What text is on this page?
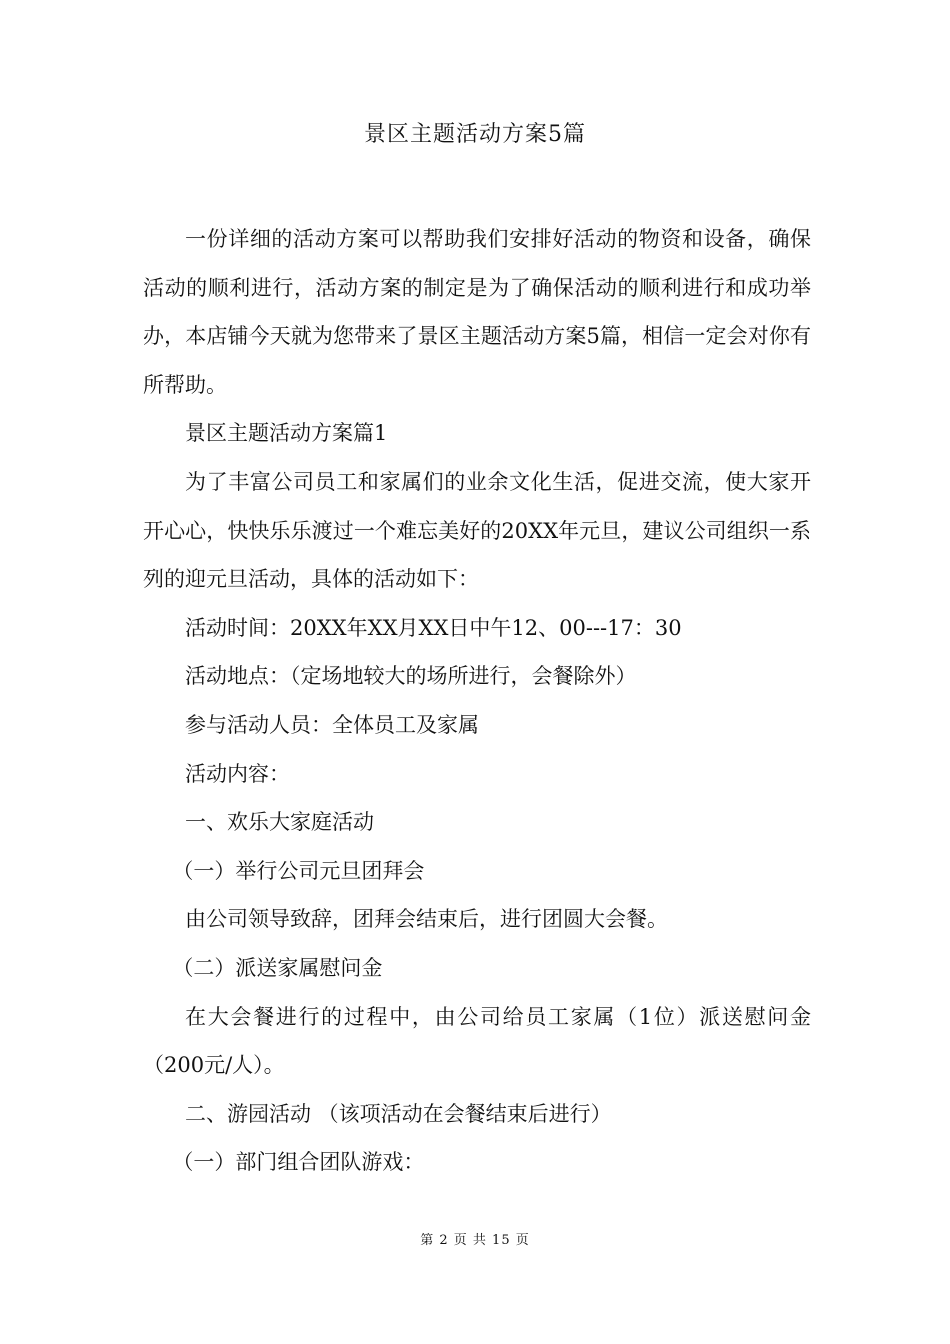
景区主题活动方案5篇

一份详细的活动方案可以帮助我们安排好活动的物资和设备，确保活动的顺利进行，活动方案的制定是为了确保活动的顺利进行和成功举办，本店铺今天就为您带来了景区主题活动方案5篇，相信一定会对你有所帮助。

景区主题活动方案篇1

为了丰富公司员工和家属们的业余文化生活，促进交流，使大家开开心心，快快乐乐渡过一个难忘美好的20XX年元旦，建议公司组织一系列的迎元旦活动，具体的活动如下：

活动时间：20XX年XX月XX日中午12、00---17：30

活动地点：（定场地较大的场所进行，会餐除外）

参与活动人员：全体员工及家属

活动内容：

一、欢乐大家庭活动

（一）举行公司元旦团拜会

由公司领导致辞，团拜会结束后，进行团圆大会餐。

（二）派送家属慰问金

在大会餐进行的过程中，由公司给员工家属（1位）派送慰问金（200元/人）。

二、游园活动 （该项活动在会餐结束后进行）

（一）部门组合团队游戏：

第 2 页 共 15 页
